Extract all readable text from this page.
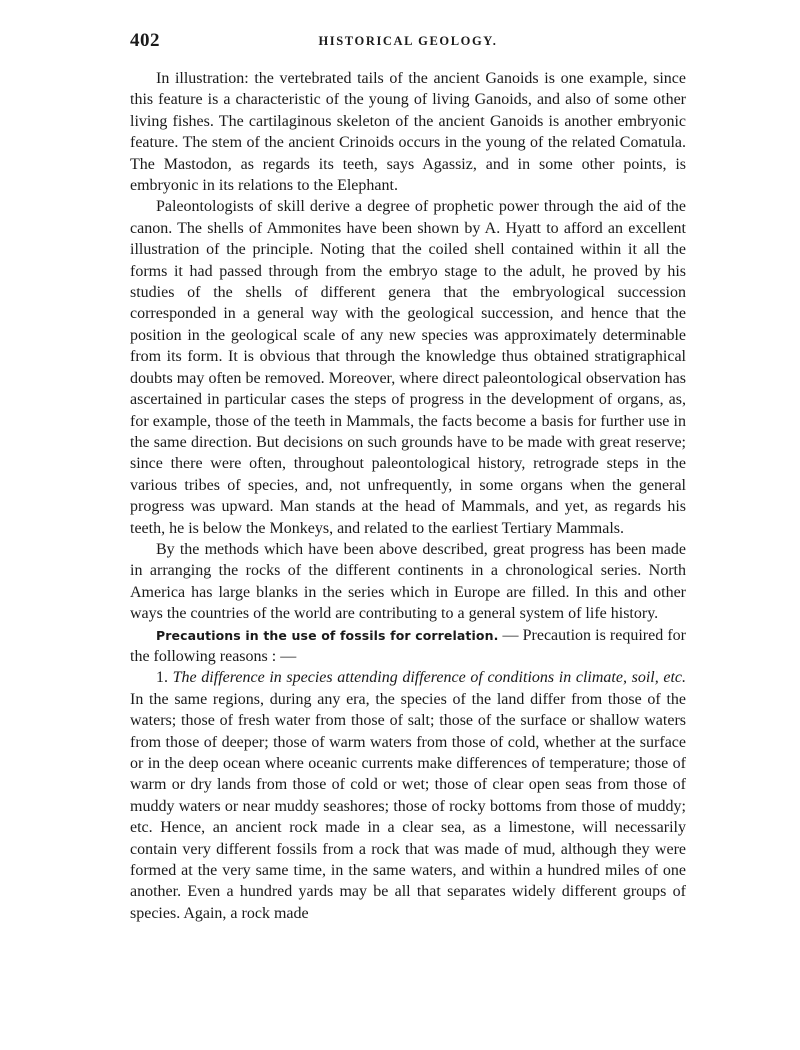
402	HISTORICAL GEOLOGY.

In illustration: the vertebrated tails of the ancient Ganoids is one example, since this feature is a characteristic of the young of living Ganoids, and also of some other living fishes. The cartilaginous skeleton of the ancient Ganoids is another embryonic feature. The stem of the ancient Crinoids occurs in the young of the related Comatula. The Mastodon, as regards its teeth, says Agassiz, and in some other points, is embryonic in its relations to the Elephant.

Paleontologists of skill derive a degree of prophetic power through the aid of the canon. The shells of Ammonites have been shown by A. Hyatt to afford an excellent illustration of the principle. Noting that the coiled shell contained within it all the forms it had passed through from the embryo stage to the adult, he proved by his studies of the shells of different genera that the embryological succession corresponded in a general way with the geological succession, and hence that the position in the geological scale of any new species was approximately determinable from its form. It is obvious that through the knowledge thus obtained stratigraphical doubts may often be removed. Moreover, where direct paleontological observation has ascertained in particular cases the steps of progress in the development of organs, as, for example, those of the teeth in Mammals, the facts become a basis for further use in the same direction. But decisions on such grounds have to be made with great reserve; since there were often, throughout paleontological history, retrograde steps in the various tribes of species, and, not unfrequently, in some organs when the general progress was upward. Man stands at the head of Mammals, and yet, as regards his teeth, he is below the Monkeys, and related to the earliest Tertiary Mammals.

By the methods which have been above described, great progress has been made in arranging the rocks of the different continents in a chronological series. North America has large blanks in the series which in Europe are filled. In this and other ways the countries of the world are contributing to a general system of life history.

Precautions in the use of fossils for correlation. — Precaution is required for the following reasons : —

1. The difference in species attending difference of conditions in climate, soil, etc. In the same regions, during any era, the species of the land differ from those of the waters; those of fresh water from those of salt; those of the surface or shallow waters from those of deeper; those of warm waters from those of cold, whether at the surface or in the deep ocean where oceanic currents make differences of temperature; those of warm or dry lands from those of cold or wet; those of clear open seas from those of muddy waters or near muddy seashores; those of rocky bottoms from those of muddy; etc. Hence, an ancient rock made in a clear sea, as a limestone, will necessarily contain very different fossils from a rock that was made of mud, although they were formed at the very same time, in the same waters, and within a hundred miles of one another. Even a hundred yards may be all that separates widely different groups of species. Again, a rock made
